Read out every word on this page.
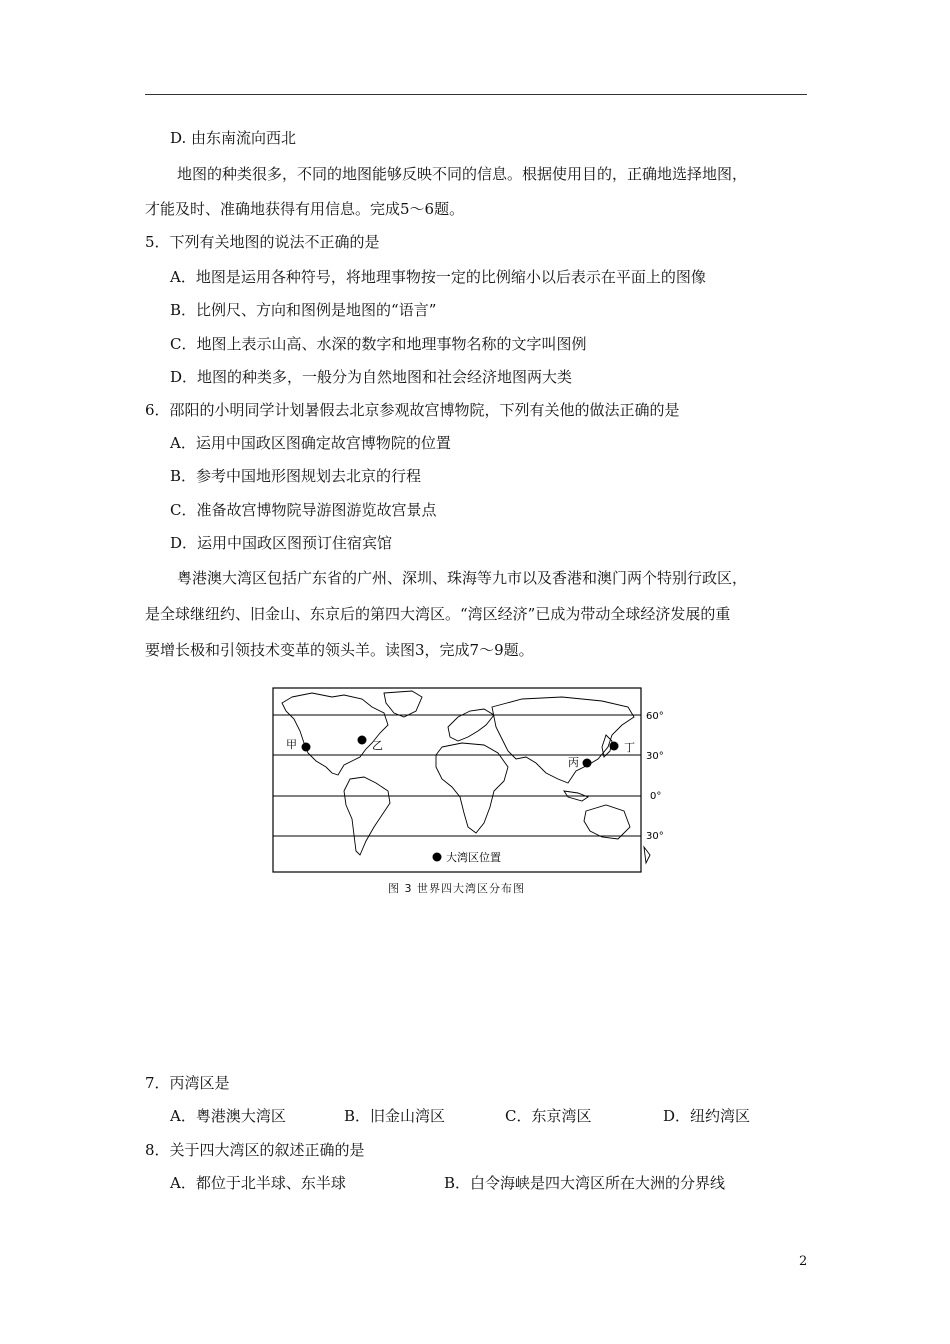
D. 由东南流向西北
地图的种类很多，不同的地图能够反映不同的信息。根据使用目的，正确地选择地图，
才能及时、准确地获得有用信息。完成5～6题。
5．下列有关地图的说法不正确的是
A．地图是运用各种符号，将地理事物按一定的比例缩小以后表示在平面上的图像
B．比例尺、方向和图例是地图的“语言”
C．地图上表示山高、水深的数字和地理事物名称的文字叫图例
D．地图的种类多，一般分为自然地图和社会经济地图两大类
6．邵阳的小明同学计划暑假去北京参观故宫博物院，下列有关他的做法正确的是
A．运用中国政区图确定故宫博物院的位置
B．参考中国地形图规划去北京的行程
C．准备故宫博物院导游图游览故宫景点
D．运用中国政区图预订住宿宾馆
粤港澳大湾区包括广东省的广州、深圳、珠海等九市以及香港和澳门两个特别行政区，
是全球继纽约、旧金山、东京后的第四大湾区。“湾区经济”已成为带动全球经济发展的重
要增长极和引领技术变革的领头羊。读图3，完成7～9题。
甲	乙
丙
丁
60°
30°
0°
30°
大湾区位置
图 3 世界四大湾区分布图
7．丙湾区是
A．粤港澳大湾区	B．旧金山湾区	C．东京湾区	D．纽约湾区
8．关于四大湾区的叙述正确的是
A．都位于北半球、东半球	B．白令海峡是四大湾区所在大洲的分界线
2
